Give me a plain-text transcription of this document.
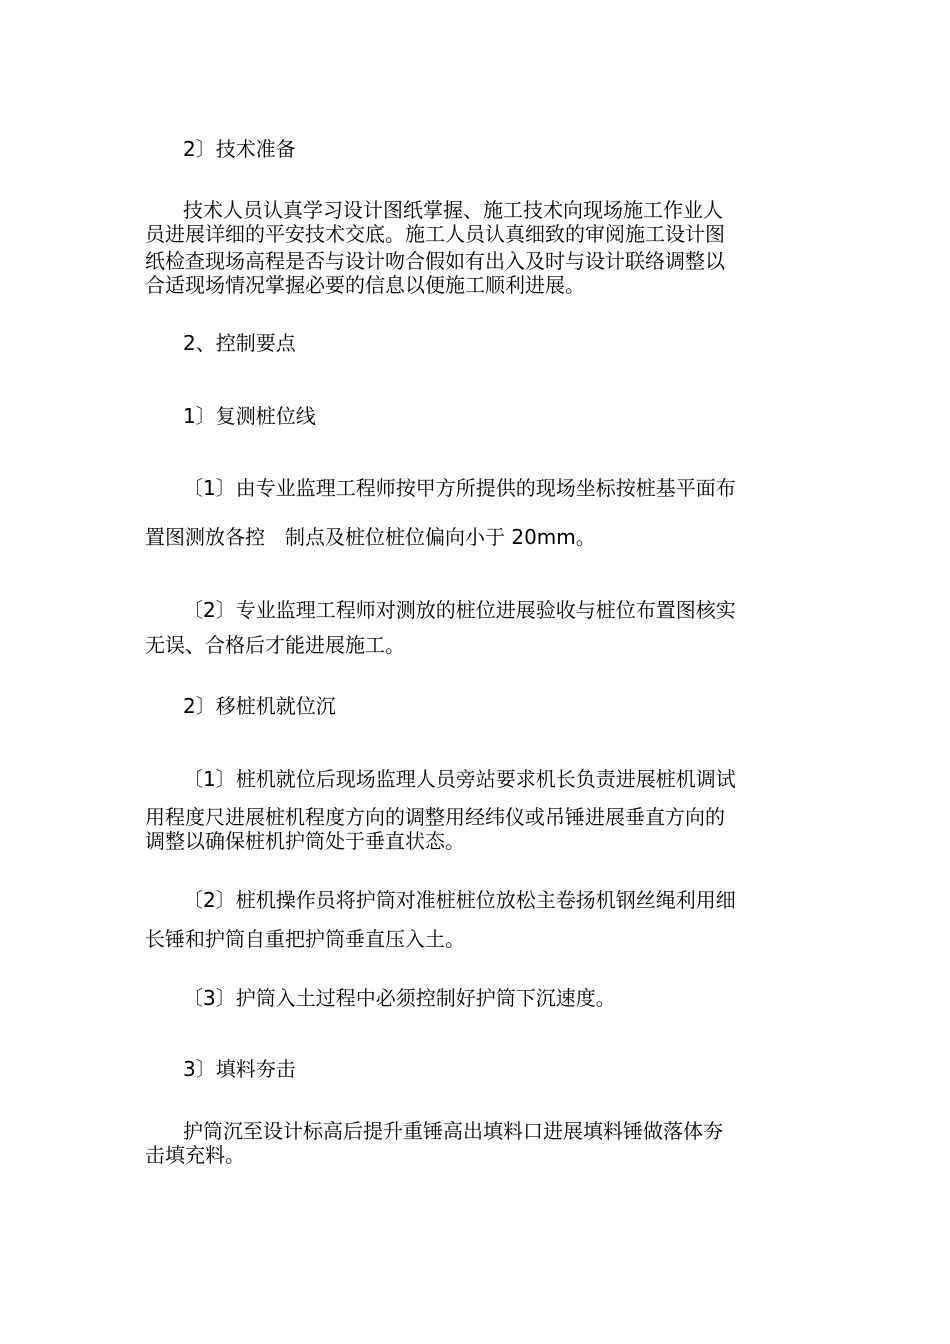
2〕技术准备
技术人员认真学习设计图纸掌握、施工技术向现场施工作业人
员进展详细的平安技术交底。施工人员认真细致的审阅施工设计图
纸检查现场高程是否与设计吻合假如有出入及时与设计联络调整以
合适现场情况掌握必要的信息以便施工顺利进展。
2、控制要点
1〕复测桩位线
〔1〕由专业监理工程师按甲方所提供的现场坐标按桩基平面布
置图测放各控　制点及桩位桩位偏向小于 20mm。
〔2〕专业监理工程师对测放的桩位进展验收与桩位布置图核实
无误、合格后才能进展施工。
2〕移桩机就位沉
〔1〕桩机就位后现场监理人员旁站要求机长负责进展桩机调试
用程度尺进展桩机程度方向的调整用经纬仪或吊锤进展垂直方向的
调整以确保桩机护筒处于垂直状态。
〔2〕桩机操作员将护筒对准桩桩位放松主卷扬机钢丝绳利用细
长锤和护筒自重把护筒垂直压入土。
〔3〕护筒入土过程中必须控制好护筒下沉速度。
3〕填料夯击
护筒沉至设计标高后提升重锤高出填料口进展填料锤做落体夯
击填充料。
